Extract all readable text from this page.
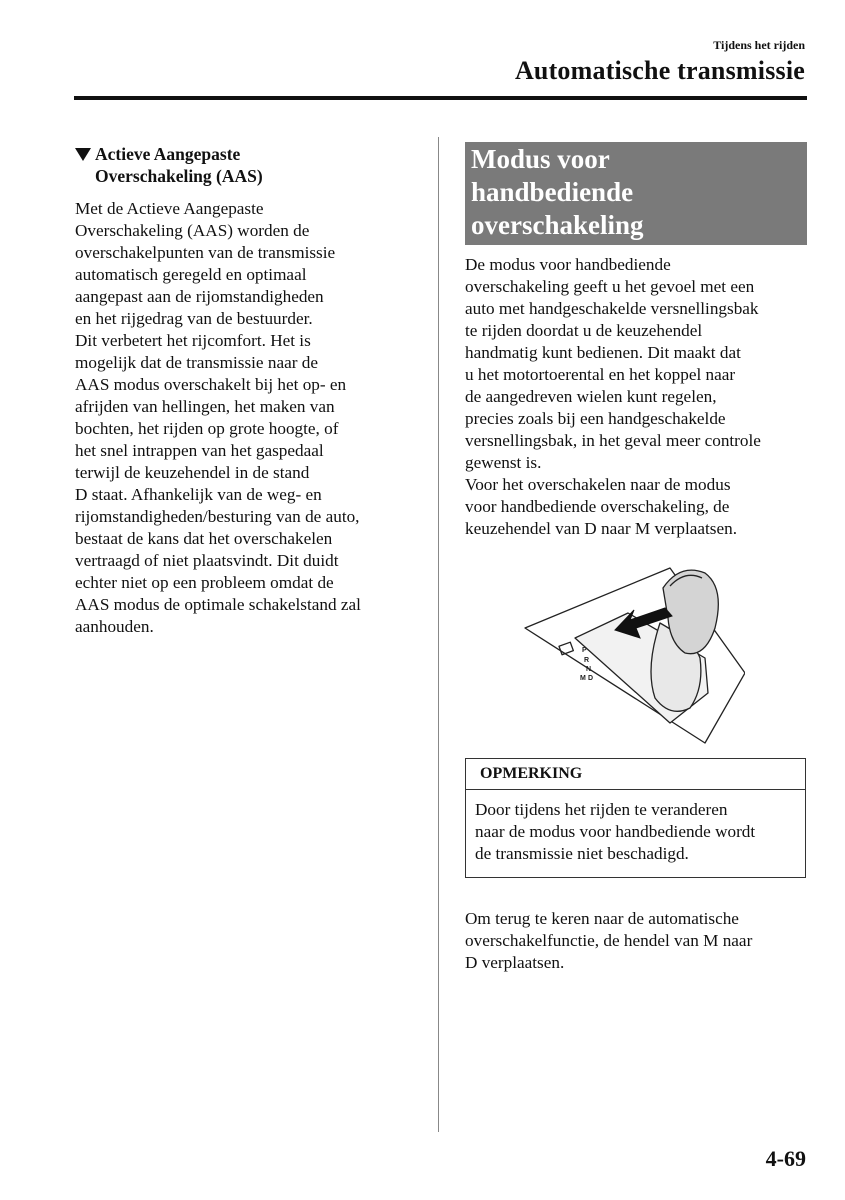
Tijdens het rijden
Automatische transmissie
Actieve Aangepaste
Overschakeling (AAS)

Met de Actieve Aangepaste
Overschakeling (AAS) worden de
overschakelpunten van de transmissie
automatisch geregeld en optimaal
aangepast aan de rijomstandigheden
en het rijgedrag van de bestuurder.
Dit verbetert het rijcomfort. Het is
mogelijk dat de transmissie naar de
AAS modus overschakelt bij het op- en
afrijden van hellingen, het maken van
bochten, het rijden op grote hoogte, of
het snel intrappen van het gaspedaal
terwijl de keuzehendel in de stand
D staat. Afhankelijk van de weg- en
rijomstandigheden/besturing van de auto,
bestaat de kans dat het overschakelen
vertraagd of niet plaatsvindt. Dit duidt
echter niet op een probleem omdat de
AAS modus de optimale schakelstand zal
aanhouden.

Modus voor
handbediende
overschakeling

De modus voor handbediende
overschakeling geeft u het gevoel met een
auto met handgeschakelde versnellingsbak
te rijden doordat u de keuzehendel
handmatig kunt bedienen. Dit maakt dat
u het motortoerental en het koppel naar
de aangedreven wielen kunt regelen,
precies zoals bij een handgeschakelde
versnellingsbak, in het geval meer controle
gewenst is.
Voor het overschakelen naar de modus
voor handbediende overschakeling, de
keuzehendel van D naar M verplaatsen.

P
R
N
D
M
OPMERKING
Door tijdens het rijden te veranderen
naar de modus voor handbediende wordt
de transmissie niet beschadigd.

Om terug te keren naar de automatische
overschakelfunctie, de hendel van M naar
D verplaatsen.

4-69
